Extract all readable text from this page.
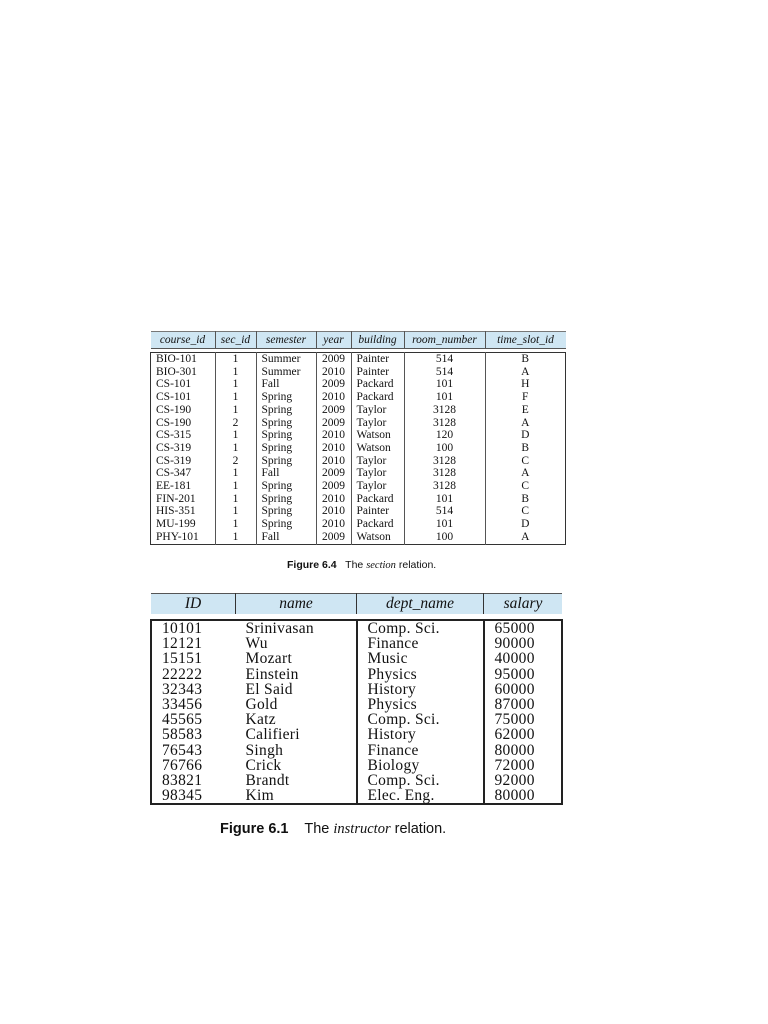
course_id	sec_id	semester	year	building	room_number	time_slot_id

BIO-101	1	Summer	2009	Painter	514	B
BIO-301	1	Summer	2010	Painter	514	A
CS-101	1	Fall	2009	Packard	101	H
CS-101	1	Spring	2010	Packard	101	F
CS-190	1	Spring	2009	Taylor	3128	E
CS-190	2	Spring	2009	Taylor	3128	A
CS-315	1	Spring	2010	Watson	120	D
CS-319	1	Spring	2010	Watson	100	B
CS-319	2	Spring	2010	Taylor	3128	C
CS-347	1	Fall	2009	Taylor	3128	A
EE-181	1	Spring	2009	Taylor	3128	C
FIN-201	1	Spring	2010	Packard	101	B
HIS-351	1	Spring	2010	Painter	514	C
MU-199	1	Spring	2010	Packard	101	D
PHY-101	1	Fall	2009	Watson	100	A
Figure 6.4 The section relation.
ID	name	dept_name	salary

10101	Srinivasan	Comp. Sci.	65000
12121	Wu	Finance	90000
15151	Mozart	Music	40000
22222	Einstein	Physics	95000
32343	El Said	History	60000
33456	Gold	Physics	87000
45565	Katz	Comp. Sci.	75000
58583	Califieri	History	62000
76543	Singh	Finance	80000
76766	Crick	Biology	72000
83821	Brandt	Comp. Sci.	92000
98345	Kim	Elec. Eng.	80000
Figure 6.1 The instructor relation.
